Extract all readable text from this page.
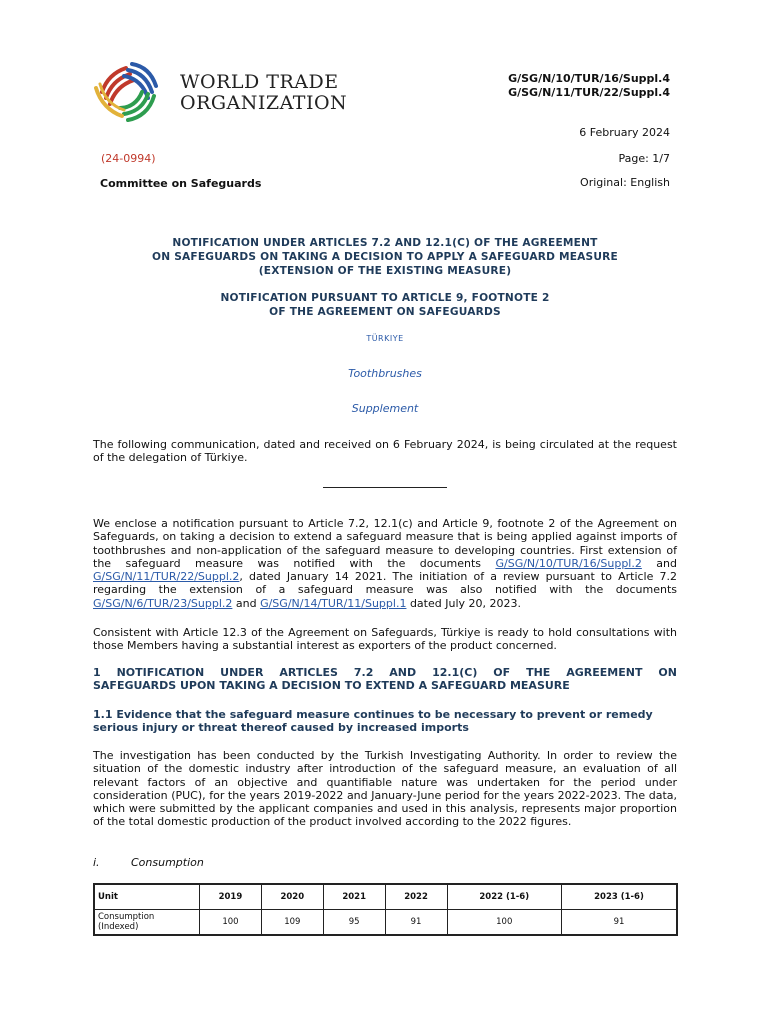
WORLD TRADE
ORGANIZATION
G/SG/N/10/TUR/16/Suppl.4
G/SG/N/11/TUR/22/Suppl.4
6 February 2024
(24-0994)	Page: 1/7
Committee on Safeguards	Original: English
NOTIFICATION UNDER ARTICLES 7.2 AND 12.1(C) OF THE AGREEMENT
ON SAFEGUARDS ON TAKING A DECISION TO APPLY A SAFEGUARD MEASURE
(EXTENSION OF THE EXISTING MEASURE)
NOTIFICATION PURSUANT TO ARTICLE 9, FOOTNOTE 2
OF THE AGREEMENT ON SAFEGUARDS
TÜRKIYE
Toothbrushes
Supplement
The following communication, dated and received on 6 February 2024, is being circulated at the request of the delegation of Türkiye.
We enclose a notification pursuant to Article 7.2, 12.1(c) and Article 9, footnote 2 of the Agreement on Safeguards, on taking a decision to extend a safeguard measure that is being applied against imports of toothbrushes and non-application of the safeguard measure to developing countries. First extension of the safeguard measure was notified with the documents G/SG/N/10/TUR/16/Suppl.2 and G/SG/N/11/TUR/22/Suppl.2, dated January 14 2021. The initiation of a review pursuant to Article 7.2 regarding the extension of a safeguard measure was also notified with the documents G/SG/N/6/TUR/23/Suppl.2 and G/SG/N/14/TUR/11/Suppl.1 dated July 20, 2023.
Consistent with Article 12.3 of the Agreement on Safeguards, Türkiye is ready to hold consultations with those Members having a substantial interest as exporters of the product concerned.
1 NOTIFICATION UNDER ARTICLES 7.2 AND 12.1(C) OF THE AGREEMENT ON
SAFEGUARDS UPON TAKING A DECISION TO EXTEND A SAFEGUARD MEASURE
1.1 Evidence that the safeguard measure continues to be necessary to prevent or remedy serious injury or threat thereof caused by increased imports
The investigation has been conducted by the Turkish Investigating Authority. In order to review the situation of the domestic industry after introduction of the safeguard measure, an evaluation of all relevant factors of an objective and quantifiable nature was undertaken for the period under consideration (PUC), for the years 2019-2022 and January-June period for the years 2022-2023. The data, which were submitted by the applicant companies and used in this analysis, represents major proportion of the total domestic production of the product involved according to the 2022 figures.
i.	Consumption
Unit	2019	2020	2021	2022	2022 (1-6)	2023 (1-6)
Consumption (Indexed)	100	109	95	91	100	91
